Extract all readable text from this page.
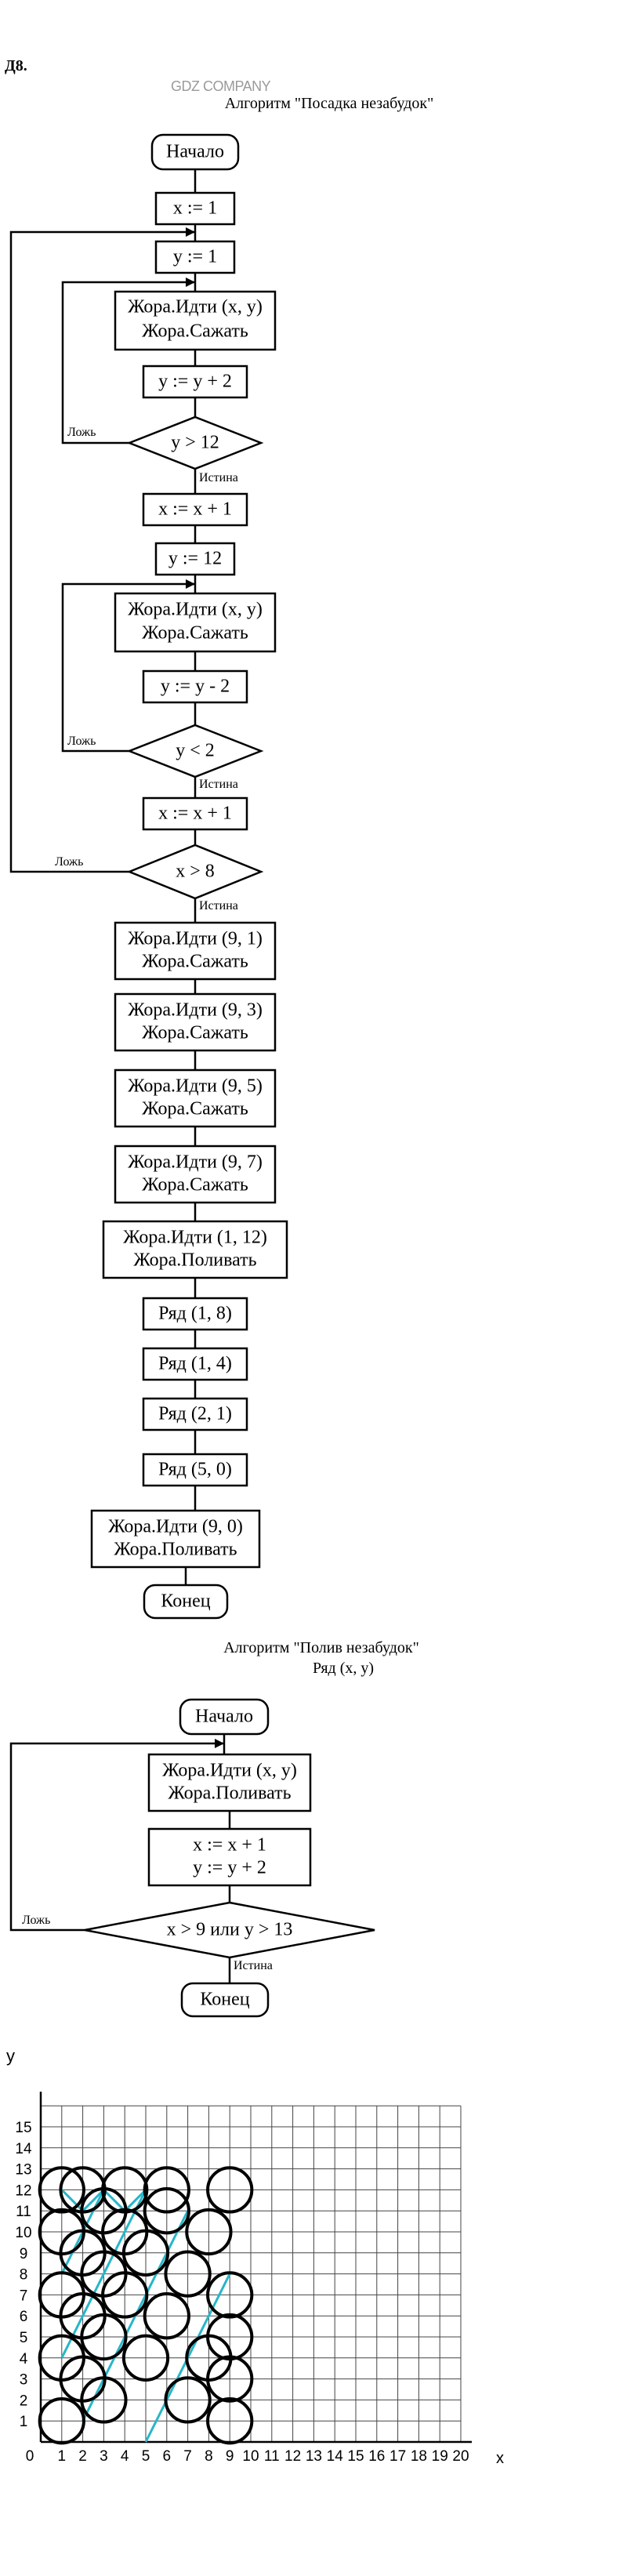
Д8.
Алгоритм "Посадка незабудок"
Начало
x := 1
y := 1
Жора.Идти (x, y)
Жора.Сажать
y := y + 2
y > 12
Ложь
Истина
x := x + 1
y := 12
Жора.Идти (x, y)
Жора.Сажать
y := y - 2
y < 2
Ложь
Истина
x := x + 1
x > 8
Ложь
Истина
Жора.Идти (9, 1)
Жора.Сажать
Жора.Идти (9, 3)
Жора.Сажать
Жора.Идти (9, 5)
Жора.Сажать
Жора.Идти (9, 7)
Жора.Сажать
Жора.Идти (1, 12)
Жора.Поливать
Ряд (1, 8)
Ряд (1, 4)
Ряд (2, 1)
Ряд (5, 0)
Жора.Идти (9, 0)
Жора.Поливать
Конец
Алгоритм "Полив незабудок"
Ряд (x, y)
Начало
Жора.Идти (x, y)
Жора.Поливать
x := x + 1
y := y + 2
x > 9 или y > 13
Ложь
Истина
Конец
y
x
0 1 2 3 4 5 6 7 8 9 10 11 12 13 14 15 16 17 18 19 20
1
2
3
4
5
6
7
8
9
10
11
12
13
14
15
GDZ COMPANY
